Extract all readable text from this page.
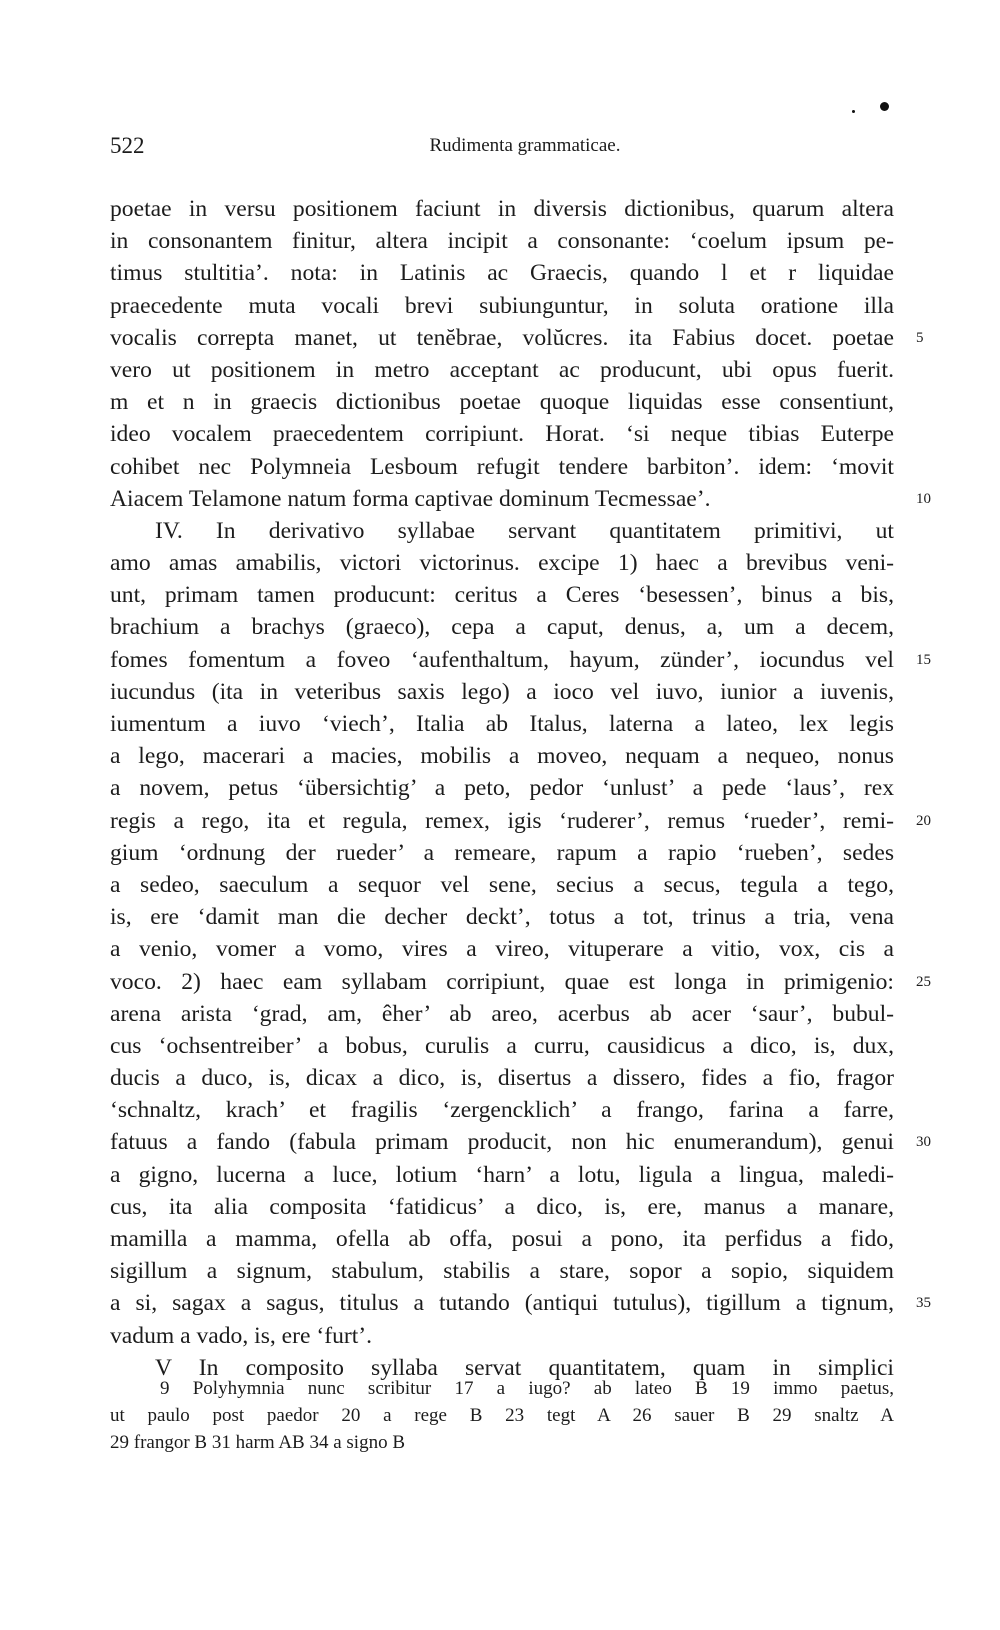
522	Rudimenta grammaticae.
poetae in versu positionem faciunt in diversis dictionibus, quarum altera
in consonantem finitur, altera incipit a consonante: ‘coelum ipsum pe-
timus stultitia’. nota: in Latinis ac Graecis, quando l et r liquidae
praecedente muta vocali brevi subiunguntur, in soluta oratione illa
vocalis correpta manet, ut tenĕbrae, volŭcres. ita Fabius docet. poetae 5
vero ut positionem in metro acceptant ac producunt, ubi opus fuerit.
m et n in graecis dictionibus poetae quoque liquidas esse consentiunt,
ideo vocalem praecedentem corripiunt. Horat. ‘si neque tibias Euterpe
cohibet nec Polymneia Lesboum refugit tendere barbiton’. idem: ‘movit
Aiacem Telamone natum forma captivae dominum Tecmessae’.	10
IV. In derivativo syllabae servant quantitatem primitivi, ut
amo amas amabilis, victori victorinus. excipe 1) haec a brevibus veni-
unt, primam tamen producunt: ceritus a Ceres ‘besessen’, binus a bis,
brachium a brachys (graeco), cepa a caput, denus, a, um a decem,
fomes fomentum a foveo ‘aufenthaltum, hayum, zünder’, iocundus vel 15
iucundus (ita in veteribus saxis lego) a ioco vel iuvo, iunior a iuvenis,
iumentum a iuvo ‘viech’, Italia ab Italus, laterna a lateo, lex legis
a lego, macerari a macies, mobilis a moveo, nequam a nequeo, nonus
a novem, petus ‘übersichtig’ a peto, pedor ‘unlust’ a pede ‘laus’, rex
regis a rego, ita et regula, remex, igis ‘ruderer’, remus ‘rueder’, remi- 20
gium ‘ordnung der rueder’ a remeare, rapum a rapio ‘rueben’, sedes
a sedeo, saeculum a sequor vel sene, secius a secus, tegula a tego,
is, ere ‘damit man die decher deckt’, totus a tot, trinus a tria, vena
a venio, vomer a vomo, vires a vireo, vituperare a vitio, vox, cis a
voco. 2) haec eam syllabam corripiunt, quae est longa in primigenio: 25
arena arista ‘grad, am, êher’ ab areo, acerbus ab acer ‘saur’, bubul-
cus ‘ochsentreiber’ a bobus, curulis a curru, causidicus a dico, is, dux,
ducis a duco, is, dicax a dico, is, disertus a dissero, fides a fio, fragor
‘schnaltz, krach’ et fragilis ‘zergencklich’ a frango, farina a farre,
fatuus a fando (fabula primam producit, non hic enumerandum), genui 30
a gigno, lucerna a luce, lotium ‘harn’ a lotu, ligula a lingua, maledi-
cus, ita alia composita ‘fatidicus’ a dico, is, ere, manus a manare,
mamilla a mamma, ofella ab offa, posui a pono, ita perfidus a fido,
sigillum a signum, stabulum, stabilis a stare, sopor a sopio, siquidem
a si, sagax a sagus, titulus a tutando (antiqui tutulus), tigillum a tignum, 35
vadum a vado, is, ere ‘furt’.
V In composito syllaba servat quantitatem, quam in simplici
9 Polyhymnia nunc scribitur 17 a iugo? ab lateo B 19 immo paetus,
ut paulo post paedor 20 a rege B 23 tegt A 26 sauer B 29 snaltz A
29 frangor B 31 harm AB 34 a signo B
